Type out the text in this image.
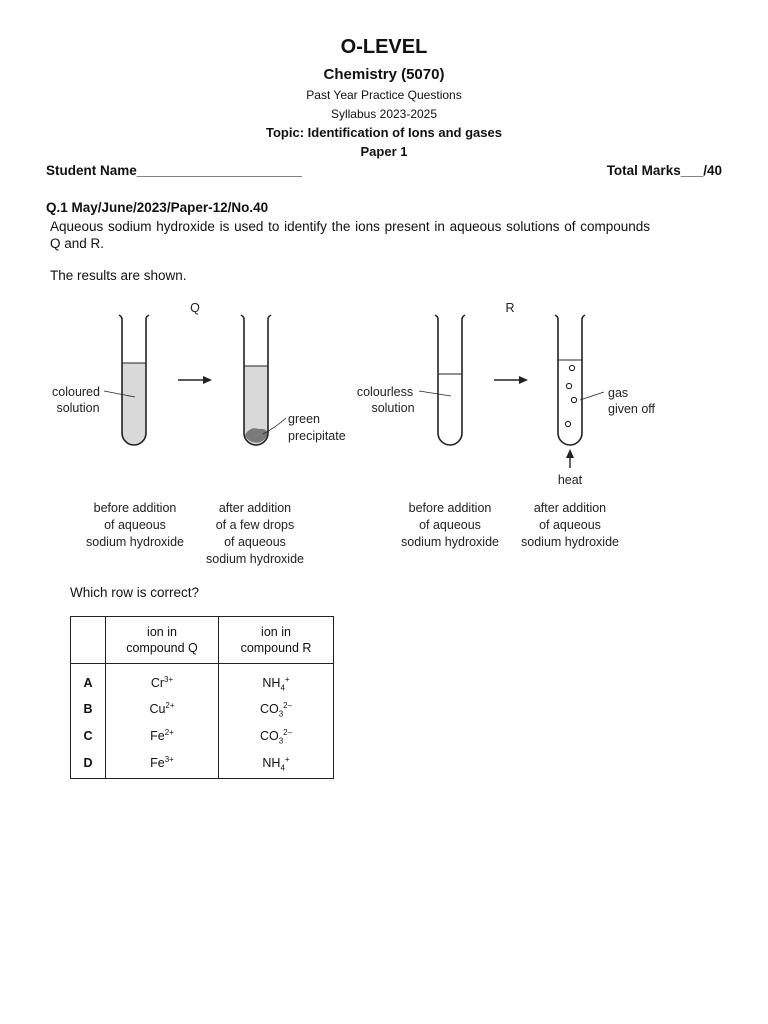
O-LEVEL
Chemistry (5070)
Past Year Practice Questions
Syllabus 2023-2025
Topic: Identification of Ions and gases
Paper 1
Student Name______________________	Total Marks___/40
Q.1 May/June/2023/Paper-12/No.40
Aqueous sodium hydroxide is used to identify the ions present in aqueous solutions of compounds Q and R.
The results are shown.
Q	R
coloured
solution
green
precipitate
colourless
solution
gas
given off
heat
before addition
of aqueous
sodium hydroxide
after addition
of a few drops
of aqueous
sodium hydroxide
before addition
of aqueous
sodium hydroxide
after addition
of aqueous
sodium hydroxide
Which row is correct?
	ion in
compound Q	ion in
compound R
A	$Cr^{3+}$	$NH_4^+$
B	$Cu^{2+}$	$CO_3^{2-}$
C	$Fe^{2+}$	$CO_3^{2-}$
D	$Fe^{3+}$	$NH_4^+$
